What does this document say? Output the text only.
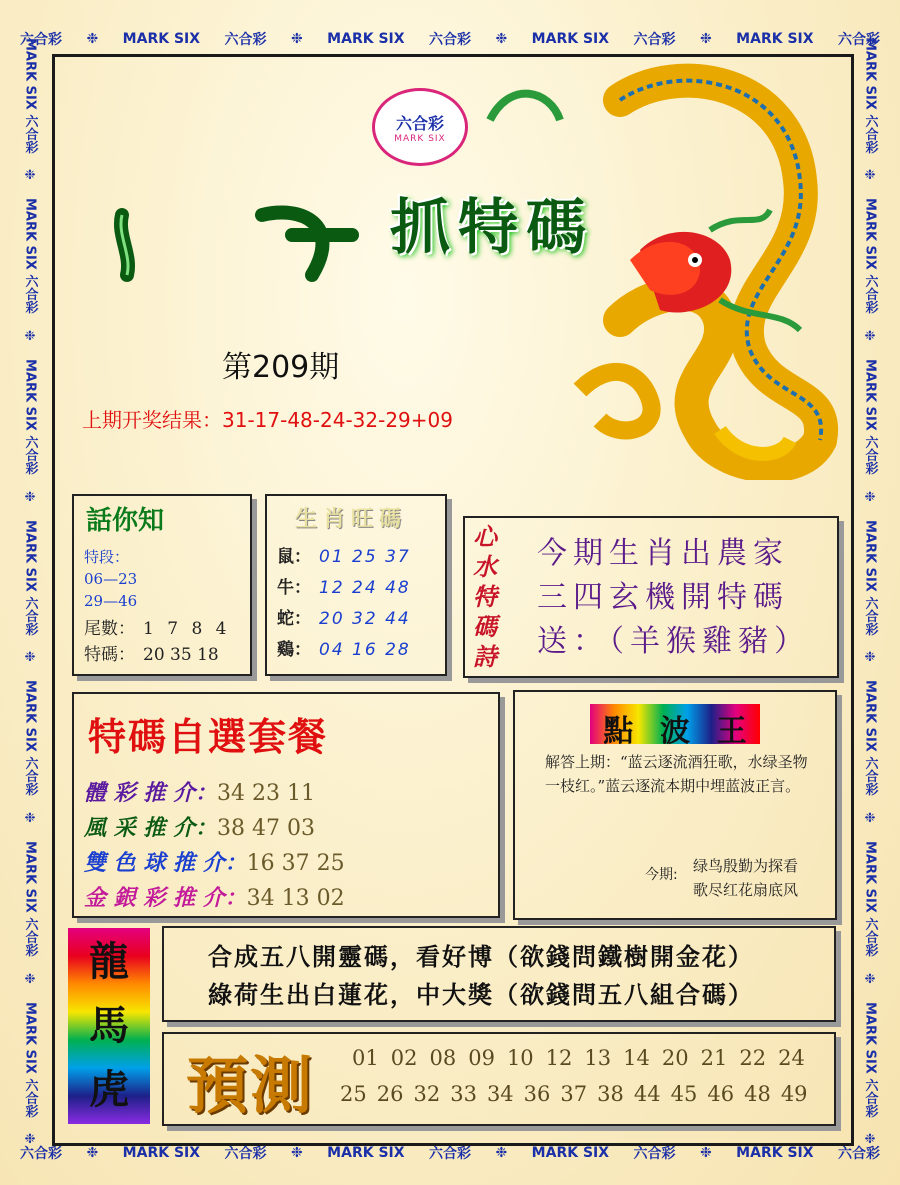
六合彩 ❉ MARK SIX 六合彩 ❉ MARK SIX 六合彩 ❉ MARK SIX 六合彩 ❉ MARK SIX 六合彩
六合彩 ❉ MARK SIX 六合彩 ❉ MARK SIX 六合彩 ❉ MARK SIX 六合彩 ❉ MARK SIX 六合彩
MARK SIX 六合彩
❉
MARK SIX 六合彩
❉
MARK SIX 六合彩
❉
MARK SIX 六合彩
❉
MARK SIX 六合彩
❉
MARK SIX 六合彩
❉
MARK SIX 六合彩
❉
MARK SIX 六合彩
❉
MARK SIX 六合彩
❉
MARK SIX 六合彩
❉
MARK SIX 六合彩
❉
MARK SIX 六合彩
❉
MARK SIX 六合彩
❉
MARK SIX 六合彩
❉
六合彩
MARK SIX
抓特碼
第209期
上期开奖结果：31-17-48-24-32-29+09
話你知
特段：
06—23
29—46
尾數： 1 7 8 4
特碼： 20 35 18
生肖旺碼
鼠： 01 25 37
牛： 12 24 48
蛇： 20 32 44
鷄： 04 16 28
心
水
特
碼
詩
今期生肖出農家
三四玄機開特碼
送：（羊猴雞豬）
特碼自選套餐
體 彩 推 介： 34 23 11
風 采 推 介： 38 47 03
雙 色 球 推 介： 16 37 25
金 銀 彩 推 介： 34 13 02
點 波 王
解答上期：“蓝云逐流酒狂歌，水绿圣物一枝红。”蓝云逐流本期中埋蓝波正言。
今期: 绿鸟殷勤为探看
歌尽红花扇底风
龍
馬
虎
合成五八開靈碼，看好博（欲錢問鐵樹開金花）
綠荷生出白蓮花，中大獎（欲錢問五八組合碼）
預測 01 02 08 09 10 12 13 14 20 21 22 24
25 26 32 33 34 36 37 38 44 45 46 48 49
